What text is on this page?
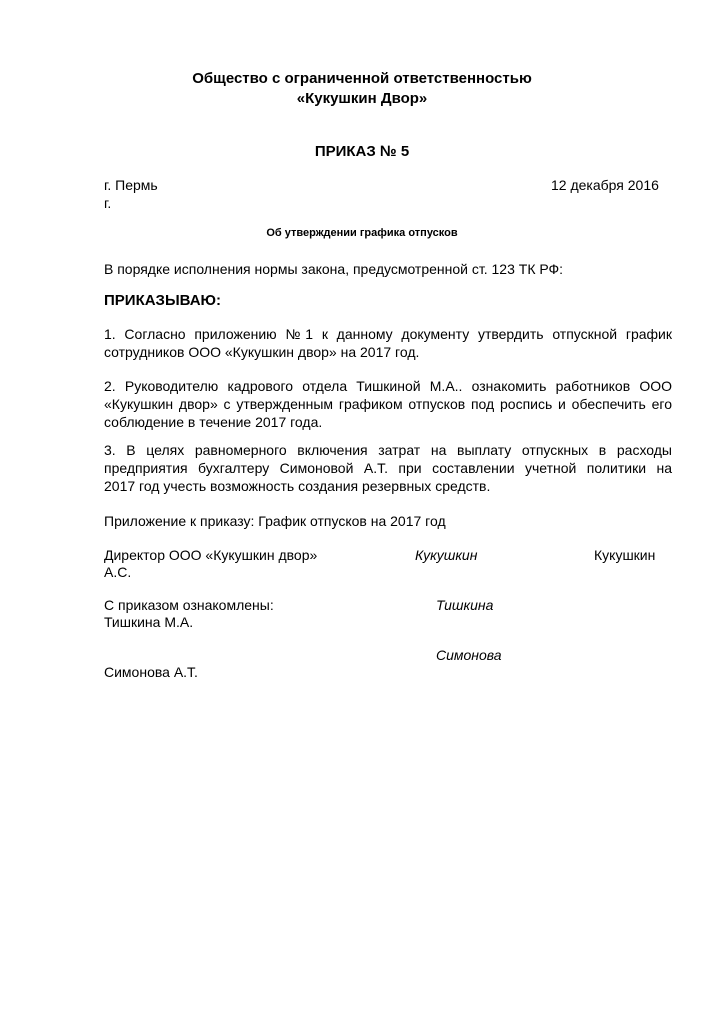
Общество с ограниченной ответственностью
«Кукушкин Двор»
ПРИКАЗ № 5
г. Пермь
г.
12 декабря 2016
Об утверждении графика отпусков
В порядке исполнения нормы закона, предусмотренной ст. 123 ТК РФ:
ПРИКАЗЫВАЮ:
1. Согласно приложению №1 к данному документу утвердить отпускной график
сотрудников ООО «Кукушкин двор» на 2017 год.
2. Руководителю кадрового отдела Тишкиной М.А.. ознакомить работников ООО
«Кукушкин двор» с утвержденным графиком отпусков под роспись и обеспечить его
соблюдение в течение 2017 года.
3. В целях равномерного включения затрат на выплату отпускных в расходы
предприятия бухгалтеру Симоновой А.Т. при составлении учетной политики на
2017 год учесть возможность создания резервных средств.
Приложение к приказу: График отпусков на 2017 год
Директор ООО «Кукушкин двор»	Кукушкин	Кукушкин
А.С.
С приказом ознакомлены:	Тишкина
Тишкина М.А.
Симонова
Симонова А.Т.
